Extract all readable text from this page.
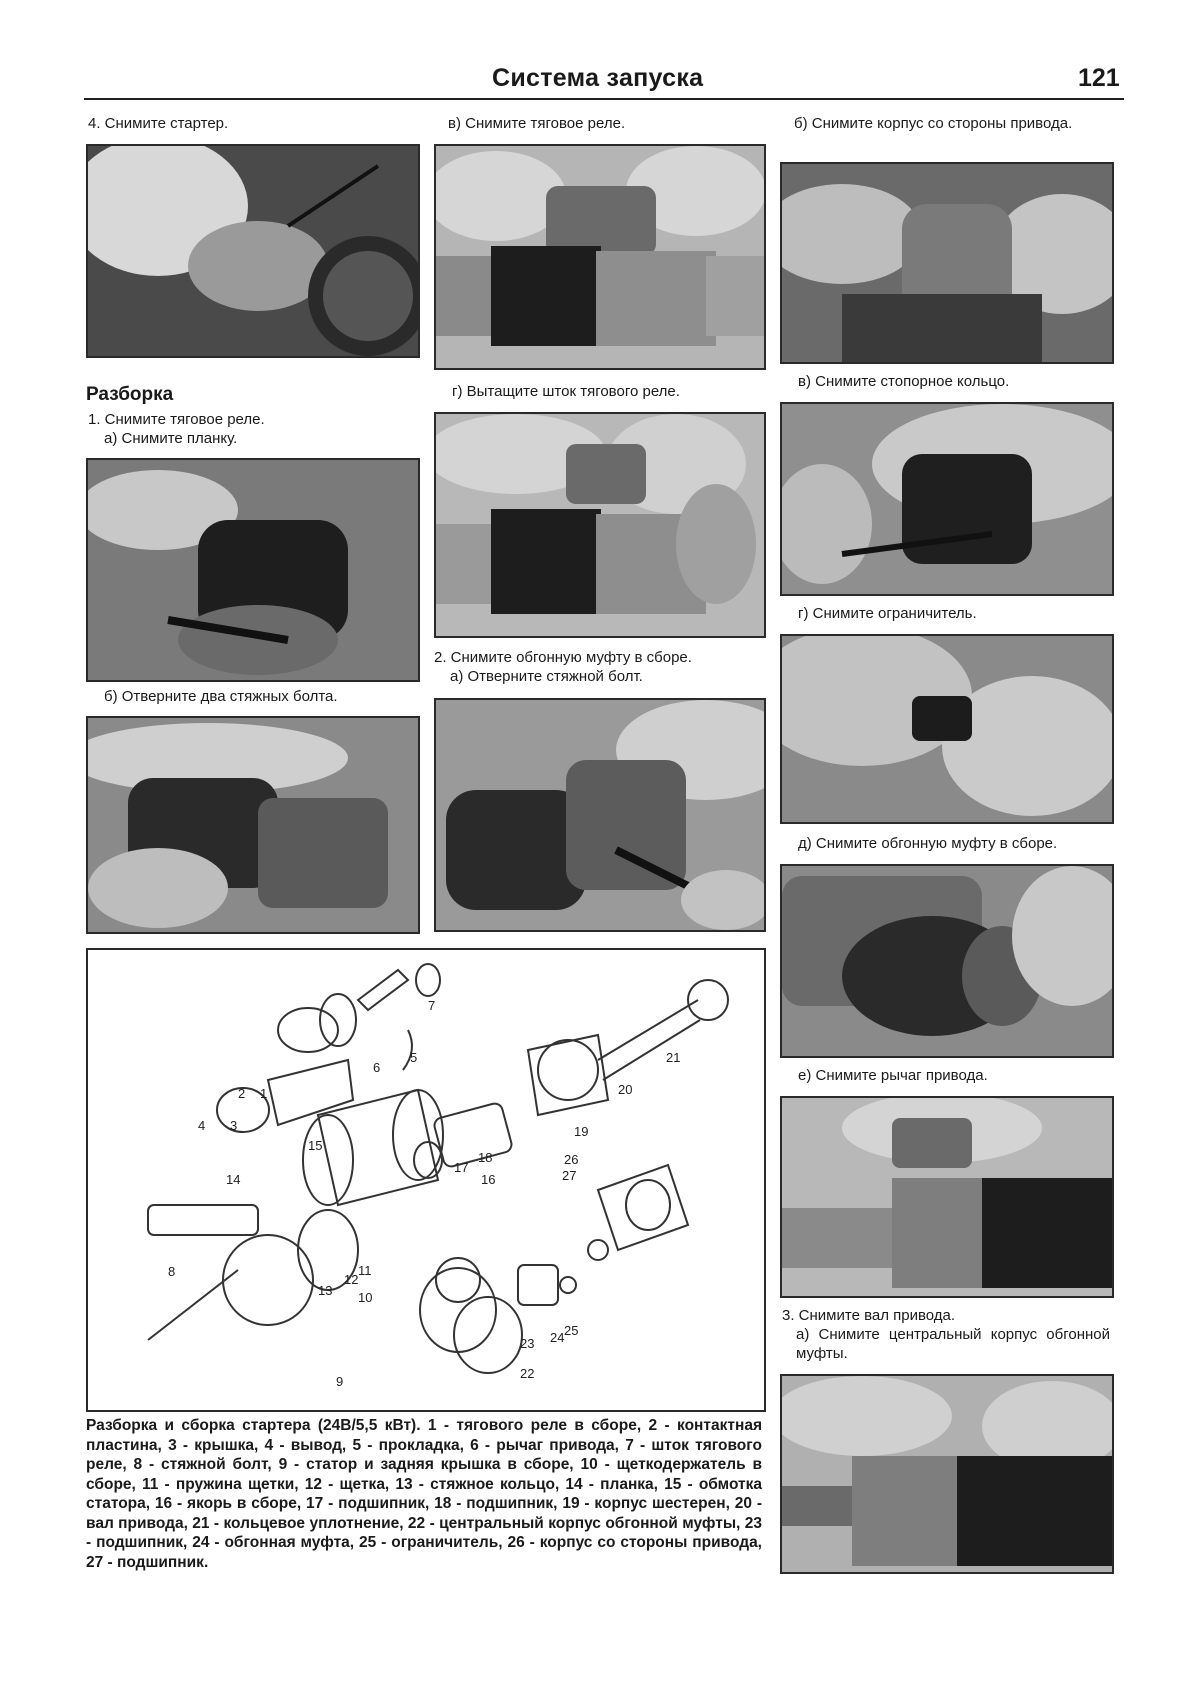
Система запуска	121
4. Снимите стартер.
Разборка
1. Снимите тяговое реле.
а) Снимите планку.
б) Отверните два стяжных болта.
в) Снимите тяговое реле.
г) Вытащите шток тягового реле.
2. Снимите обгонную муфту в сборе.
а) Отверните стяжной болт.
б) Снимите корпус со стороны привода.
в) Снимите стопорное кольцо.
г) Снимите ограничитель.
д) Снимите обгонную муфту в сборе.
е) Снимите рычаг привода.
3. Снимите вал привода.
а) Снимите центральный корпус обгонной муфты.
5
6
7
8
9
10
11
12
13
14
15
16
17
18
19
20
21
22
23 24 25
26
27
3
4
2 1
Разборка и сборка стартера (24В/5,5 кВт). 1 - тягового реле в сборе, 2 - контактная пластина, 3 - крышка, 4 - вывод, 5 - прокладка, 6 - рычаг привода, 7 - шток тягового реле, 8 - стяжной болт, 9 - статор и задняя крышка в сборе, 10 - щеткодержатель в сборе, 11 - пружина щетки, 12 - щетка, 13 - стяжное кольцо, 14 - планка, 15 - обмотка статора, 16 - якорь в сборе, 17 - подшипник, 18 - подшипник, 19 - корпус шестерен, 20 - вал привода, 21 - кольцевое уплотнение, 22 - центральный корпус обгонной муфты, 23 - подшипник, 24 - обгонная муфта, 25 - ограничитель, 26 - корпус со стороны привода, 27 - подшипник.
